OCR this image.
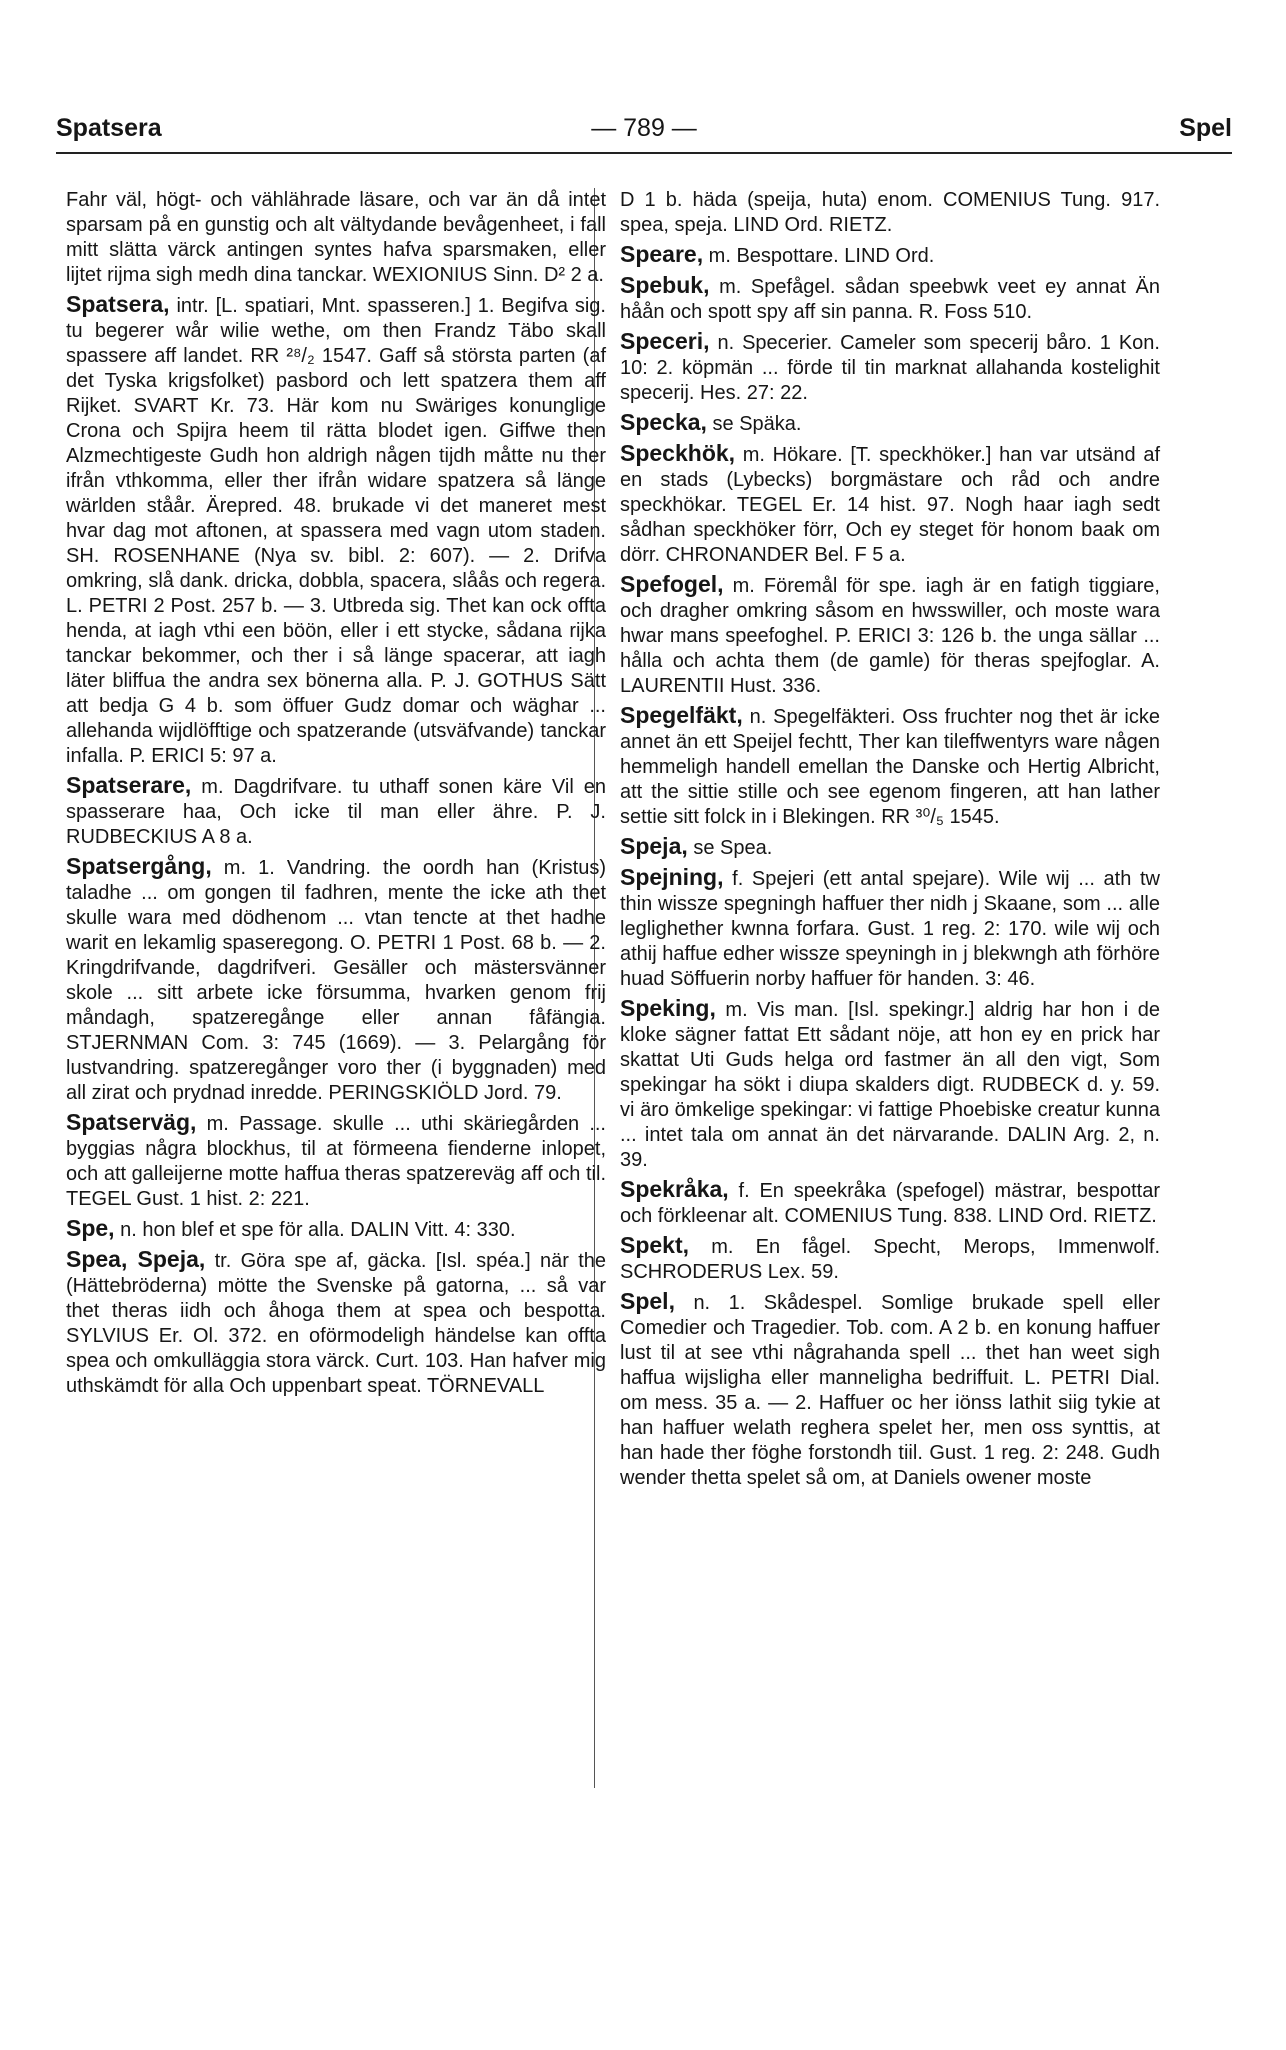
Spatsera	— 789 —	Spel

Fahr väl, högt- och vählährade läsare, och var än då intet sparsam på en gunstig och alt vältydande bevågenheet, i fall mitt slätta värck antingen syntes hafva sparsmaken, eller lijtet rijma sigh medh dina tanckar. WEXIONIUS Sinn. D² 2 a.

Spatsera, intr. [L. spatiari, Mnt. spasseren.] 1. Begifva sig. tu begerer wår wilie wethe, om then Frandz Täbo skall spassere aff landet. RR ²⁸/₂ 1547. Gaff så största parten (af det Tyska krigsfolket) pasbord och lett spatzera them aff Rijket. SVART Kr. 73. Här kom nu Swäriges konunglige Crona och Spijra heem til rätta blodet igen. Giffwe then Alzmechtigeste Gudh hon aldrigh någen tijdh måtte nu ther ifrån vthkomma, eller ther ifrån widare spatzera så länge wärlden ståår. Ärepred. 48. brukade vi det maneret mest hvar dag mot aftonen, at spassera med vagn utom staden. SH. ROSENHANE (Nya sv. bibl. 2: 607). — 2. Drifva omkring, slå dank. dricka, dobbla, spacera, slåås och regera. L. PETRI 2 Post. 257 b. — 3. Utbreda sig. Thet kan ock offta henda, at iagh vthi een böön, eller i ett stycke, sådana rijka tanckar bekommer, och ther i så länge spacerar, att iagh läter bliffua the andra sex bönerna alla. P. J. GOTHUS Sätt att bedja G 4 b. som öffuer Gudz domar och wäghar ... allehanda wijdlöfftige och spatzerande (utsväfvande) tanckar infalla. P. ERICI 5: 97 a.

Spatserare, m. Dagdrifvare. tu uthaff sonen käre Vil en spasserare haa, Och icke til man eller ähre. P. J. RUDBECKIUS A 8 a.

Spatsergång, m. 1. Vandring. the oordh han (Kristus) taladhe ... om gongen til fadhren, mente the icke ath thet skulle wara med dödhenom ... vtan tencte at thet hadhe warit en lekamlig spaseregong. O. PETRI 1 Post. 68 b. — 2. Kringdrifvande, dagdrifveri. Gesäller och mästersvänner skole ... sitt arbete icke försumma, hvarken genom frij måndagh, spatzeregånge eller annan fåfängia. STJERNMAN Com. 3: 745 (1669). — 3. Pelargång för lustvandring. spatzeregånger voro ther (i byggnaden) med all zirat och prydnad inredde. PERINGSKIÖLD Jord. 79.

Spatserväg, m. Passage. skulle ... uthi skäriegården ... byggias några blockhus, til at förmeena fienderne inlopet, och att galleijerne motte haffua theras spatzereväg aff och til. TEGEL Gust. 1 hist. 2: 221.

Spe, n. hon blef et spe för alla. DALIN Vitt. 4: 330.

Spea, Speja, tr. Göra spe af, gäcka. [Isl. spéa.] när the (Hättebröderna) mötte the Svenske på gatorna, ... så var thet theras iidh och åhoga them at spea och bespotta. SYLVIUS Er. Ol. 372. en oförmodeligh händelse kan offta spea och omkulläggia stora värck. Curt. 103. Han hafver mig uthskämdt för alla Och uppenbart speat. TÖRNEVALL

D 1 b. häda (speija, huta) enom. COMENIUS Tung. 917. spea, speja. LIND Ord. RIETZ.

Speare, m. Bespottare. LIND Ord.

Spebuk, m. Spefågel. sådan speebwk veet ey annat Än håån och spott spy aff sin panna. R. Foss 510.

Speceri, n. Specerier. Cameler som specerij båro. 1 Kon. 10: 2. köpmän ... förde til tin marknat allahanda kostelighit specerij. Hes. 27: 22.

Specka, se Späka.

Speckhök, m. Hökare. [T. speckhöker.] han var utsänd af en stads (Lybecks) borgmästare och råd och andre speckhökar. TEGEL Er. 14 hist. 97. Nogh haar iagh sedt sådhan speckhöker förr, Och ey steget för honom baak om dörr. CHRONANDER Bel. F 5 a.

Spefogel, m. Föremål för spe. iagh är en fatigh tiggiare, och dragher omkring såsom en hwsswiller, och moste wara hwar mans speefoghel. P. ERICI 3: 126 b. the unga sällar ... hålla och achta them (de gamle) för theras spejfoglar. A. LAURENTII Hust. 336.

Spegelfäkt, n. Spegelfäkteri. Oss fruchter nog thet är icke annet än ett Speijel fechtt, Ther kan tileffwentyrs ware någen hemmeligh handell emellan the Danske och Hertig Albricht, att the sittie stille och see egenom fingeren, att han lather settie sitt folck in i Blekingen. RR ³⁰/₅ 1545.

Speja, se Spea.

Spejning, f. Spejeri (ett antal spejare). Wile wij ... ath tw thin wissze spegningh haffuer ther nidh j Skaane, som ... alle leglighether kwnna forfara. Gust. 1 reg. 2: 170. wile wij och athij haffue edher wissze speyningh in j blekwngh ath förhöre huad Söffuerin norby haffuer för handen. 3: 46.

Speking, m. Vis man. [Isl. spekingr.] aldrig har hon i de kloke sägner fattat Ett sådant nöje, att hon ey en prick har skattat Uti Guds helga ord fastmer än all den vigt, Som spekingar ha sökt i diupa skalders digt. RUDBECK d. y. 59. vi äro ömkelige spekingar: vi fattige Phoebiske creatur kunna ... intet tala om annat än det närvarande. DALIN Arg. 2, n. 39.

Spekråka, f. En speekråka (spefogel) mästrar, bespottar och förkleenar alt. COMENIUS Tung. 838. LIND Ord. RIETZ.

Spekt, m. En fågel. Specht, Merops, Immenwolf. SCHRODERUS Lex. 59.

Spel, n. 1. Skådespel. Somlige brukade spell eller Comedier och Tragedier. Tob. com. A 2 b. en konung haffuer lust til at see vthi någrahanda spell ... thet han weet sigh haffua wijsligha eller manneligha bedriffuit. L. PETRI Dial. om mess. 35 a. — 2. Haffuer oc her iönss lathit siig tykie at han haffuer welath reghera spelet her, men oss synttis, at han hade ther föghe forstondh tiil. Gust. 1 reg. 2: 248. Gudh wender thetta spelet så om, at Daniels owener moste
